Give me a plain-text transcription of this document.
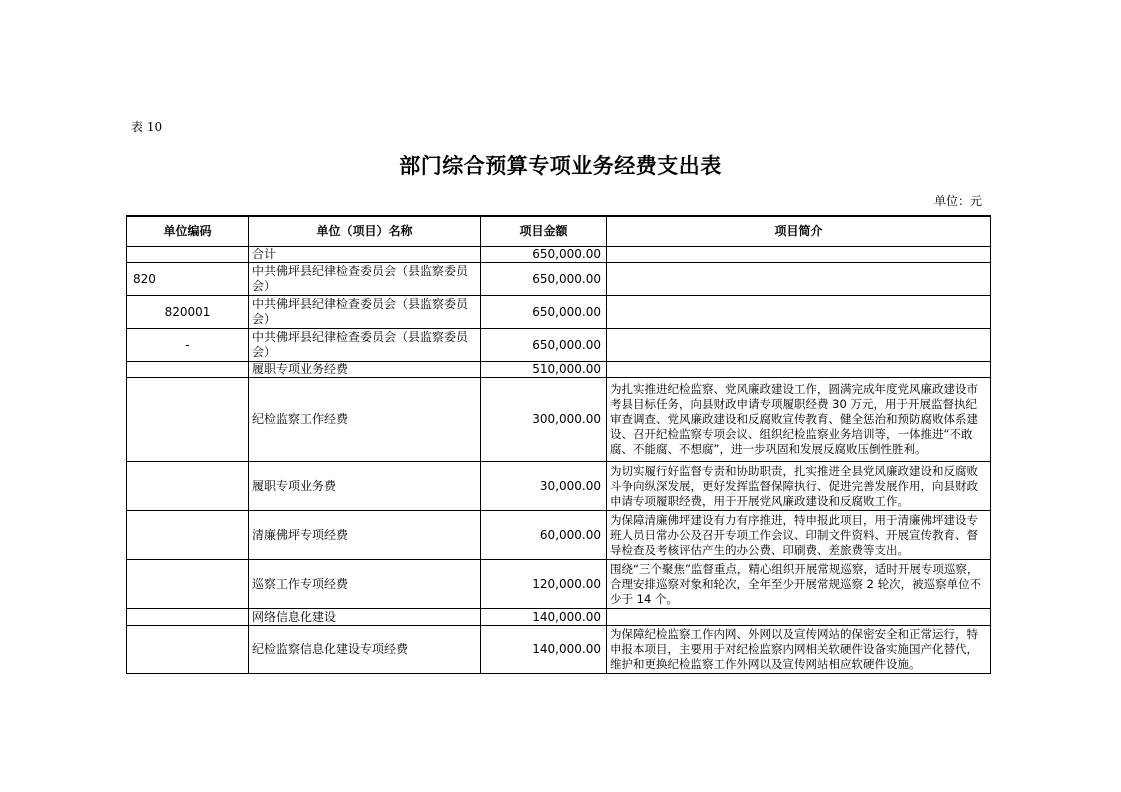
表 10
部门综合预算专项业务经费支出表
单位：元
单位编码	单位（项目）名称	项目金额	项目简介
	合计	650,000.00	
820	中共佛坪县纪律检查委员会（县监察委员会）	650,000.00	
820001	中共佛坪县纪律检查委员会（县监察委员会）	650,000.00	
-	中共佛坪县纪律检查委员会（县监察委员会）	650,000.00	
	履职专项业务经费	510,000.00	
	纪检监察工作经费	300,000.00	为扎实推进纪检监察、党风廉政建设工作，圆满完成年度党风廉政建设市考县目标任务，向县财政申请专项履职经费 30 万元，用于开展监督执纪审查调查、党风廉政建设和反腐败宣传教育、健全惩治和预防腐败体系建设、召开纪检监察专项会议、组织纪检监察业务培训等，一体推进“不敢腐、不能腐、不想腐”，进一步巩固和发展反腐败压倒性胜利。
	履职专项业务费	30,000.00	为切实履行好监督专责和协助职责，扎实推进全县党风廉政建设和反腐败斗争向纵深发展，更好发挥监督保障执行、促进完善发展作用，向县财政申请专项履职经费，用于开展党风廉政建设和反腐败工作。
	清廉佛坪专项经费	60,000.00	为保障清廉佛坪建设有力有序推进，特申报此项目，用于清廉佛坪建设专班人员日常办公及召开专项工作会议、印制文件资料、开展宣传教育、督导检查及考核评估产生的办公费、印刷费、差旅费等支出。
	巡察工作专项经费	120,000.00	围绕“三个聚焦”监督重点，精心组织开展常规巡察，适时开展专项巡察，合理安排巡察对象和轮次，全年至少开展常规巡察 2 轮次，被巡察单位不少于 14 个。
	网络信息化建设	140,000.00	
	纪检监察信息化建设专项经费	140,000.00	为保障纪检监察工作内网、外网以及宣传网站的保密安全和正常运行，特申报本项目，主要用于对纪检监察内网相关软硬件设备实施国产化替代，维护和更换纪检监察工作外网以及宣传网站相应软硬件设施。
